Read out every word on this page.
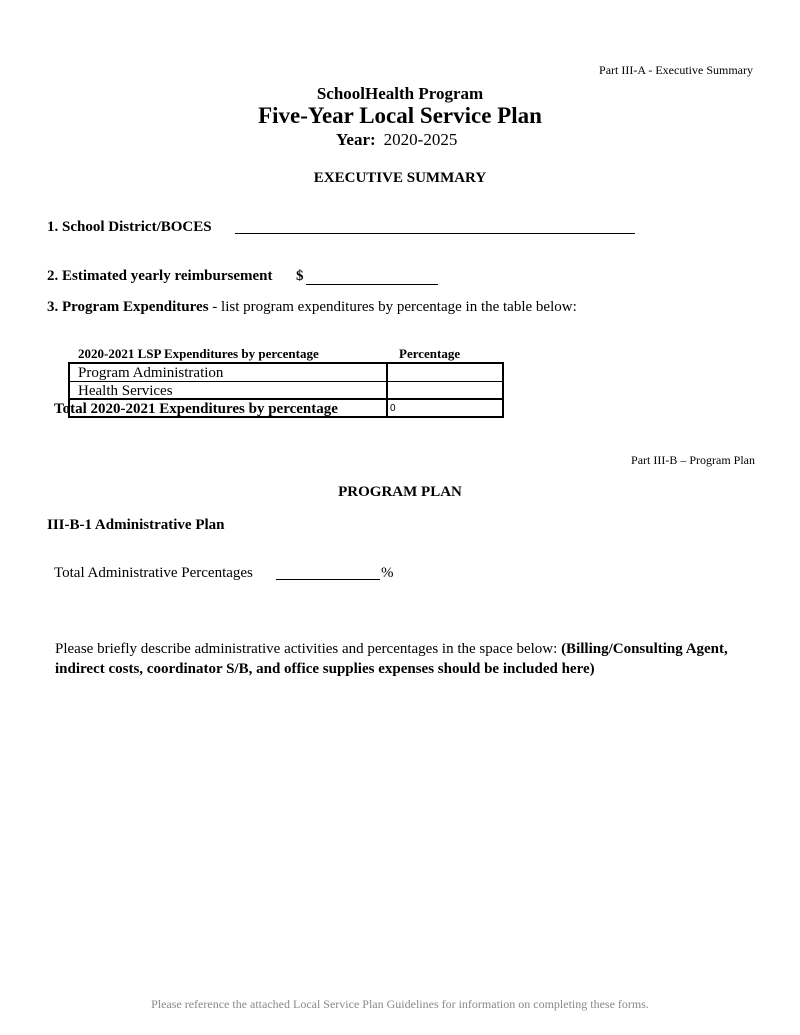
Part III-A - Executive Summary
SchoolHealth Program
Five-Year Local Service Plan
Year: 2020-2025
EXECUTIVE SUMMARY
1. School District/BOCES
2. Estimated yearly reimbursement $
3. Program Expenditures - list program expenditures by percentage in the table below:
2020-2021 LSP Expenditures by percentage	Percentage
Program Administration
Health Services
Total 2020-2021 Expenditures by percentage	0
Part III-B – Program Plan
PROGRAM PLAN
III-B-1 Administrative Plan
Total Administrative Percentages	%
Please briefly describe administrative activities and percentages in the space below: (Billing/Consulting Agent, indirect costs, coordinator S/B, and office supplies expenses should be included here)
Please reference the attached Local Service Plan Guidelines for information on completing these forms.
